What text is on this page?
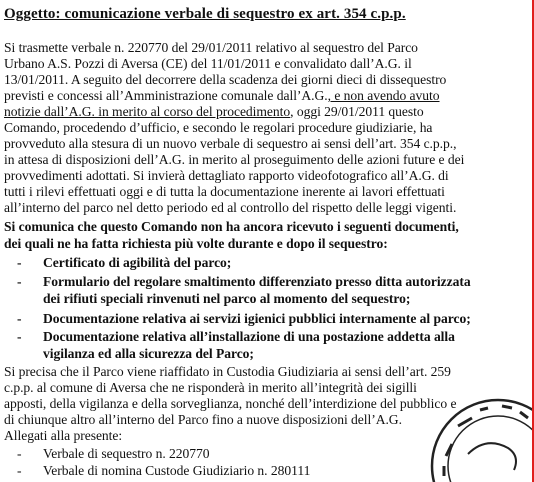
Oggetto: comunicazione verbale di sequestro ex art. 354 c.p.p.
Si trasmette verbale n. 220770 del 29/01/2011 relativo al sequestro del Parco
Urbano A.S. Pozzi di Aversa (CE) del 11/01/2011 e convalidato dall’A.G. il
13/01/2011. A seguito del decorrere della scadenza dei giorni dieci di dissequestro
previsti e concessi all’Amministrazione comunale dall’A.G., e non avendo avuto
notizie dall’A.G. in merito al corso del procedimento, oggi 29/01/2011 questo
Comando, procedendo d’ufficio, e secondo le regolari procedure giudiziarie, ha
provveduto alla stesura di un nuovo verbale di sequestro ai sensi dell’art. 354 c.p.p.,
in attesa di disposizioni dell’A.G. in merito al proseguimento delle azioni future e dei
provvedimenti adottati. Si invierà dettagliato rapporto videofotografico all’A.G. di
tutti i rilevi effettuati oggi e di tutta la documentazione inerente ai lavori effettuati
all’interno del parco nel detto periodo ed al controllo del rispetto delle leggi vigenti.
Si comunica che questo Comando non ha ancora ricevuto i seguenti documenti,
dei quali ne ha fatta richiesta più volte durante e dopo il sequestro:
- Certificato di agibilità del parco;
- Formulario del regolare smaltimento differenziato presso ditta autorizzata
dei rifiuti speciali rinvenuti nel parco al momento del sequestro;
- Documentazione relativa ai servizi igienici pubblici internamente al parco;
- Documentazione relativa all’installazione di una postazione addetta alla
vigilanza ed alla sicurezza del Parco;
Si precisa che il Parco viene riaffidato in Custodia Giudiziaria ai sensi dell’art. 259
c.p.p. al comune di Aversa che ne risponderà in merito all’integrità dei sigilli
apposti, della vigilanza e della sorveglianza, nonché dell’interdizione del pubblico e
di chiunque altro all’interno del Parco fino a nuove disposizioni dell’A.G.
Allegati alla presente:
- Verbale di sequestro n. 220770
- Verbale di nomina Custode Giudiziario n. 280111
